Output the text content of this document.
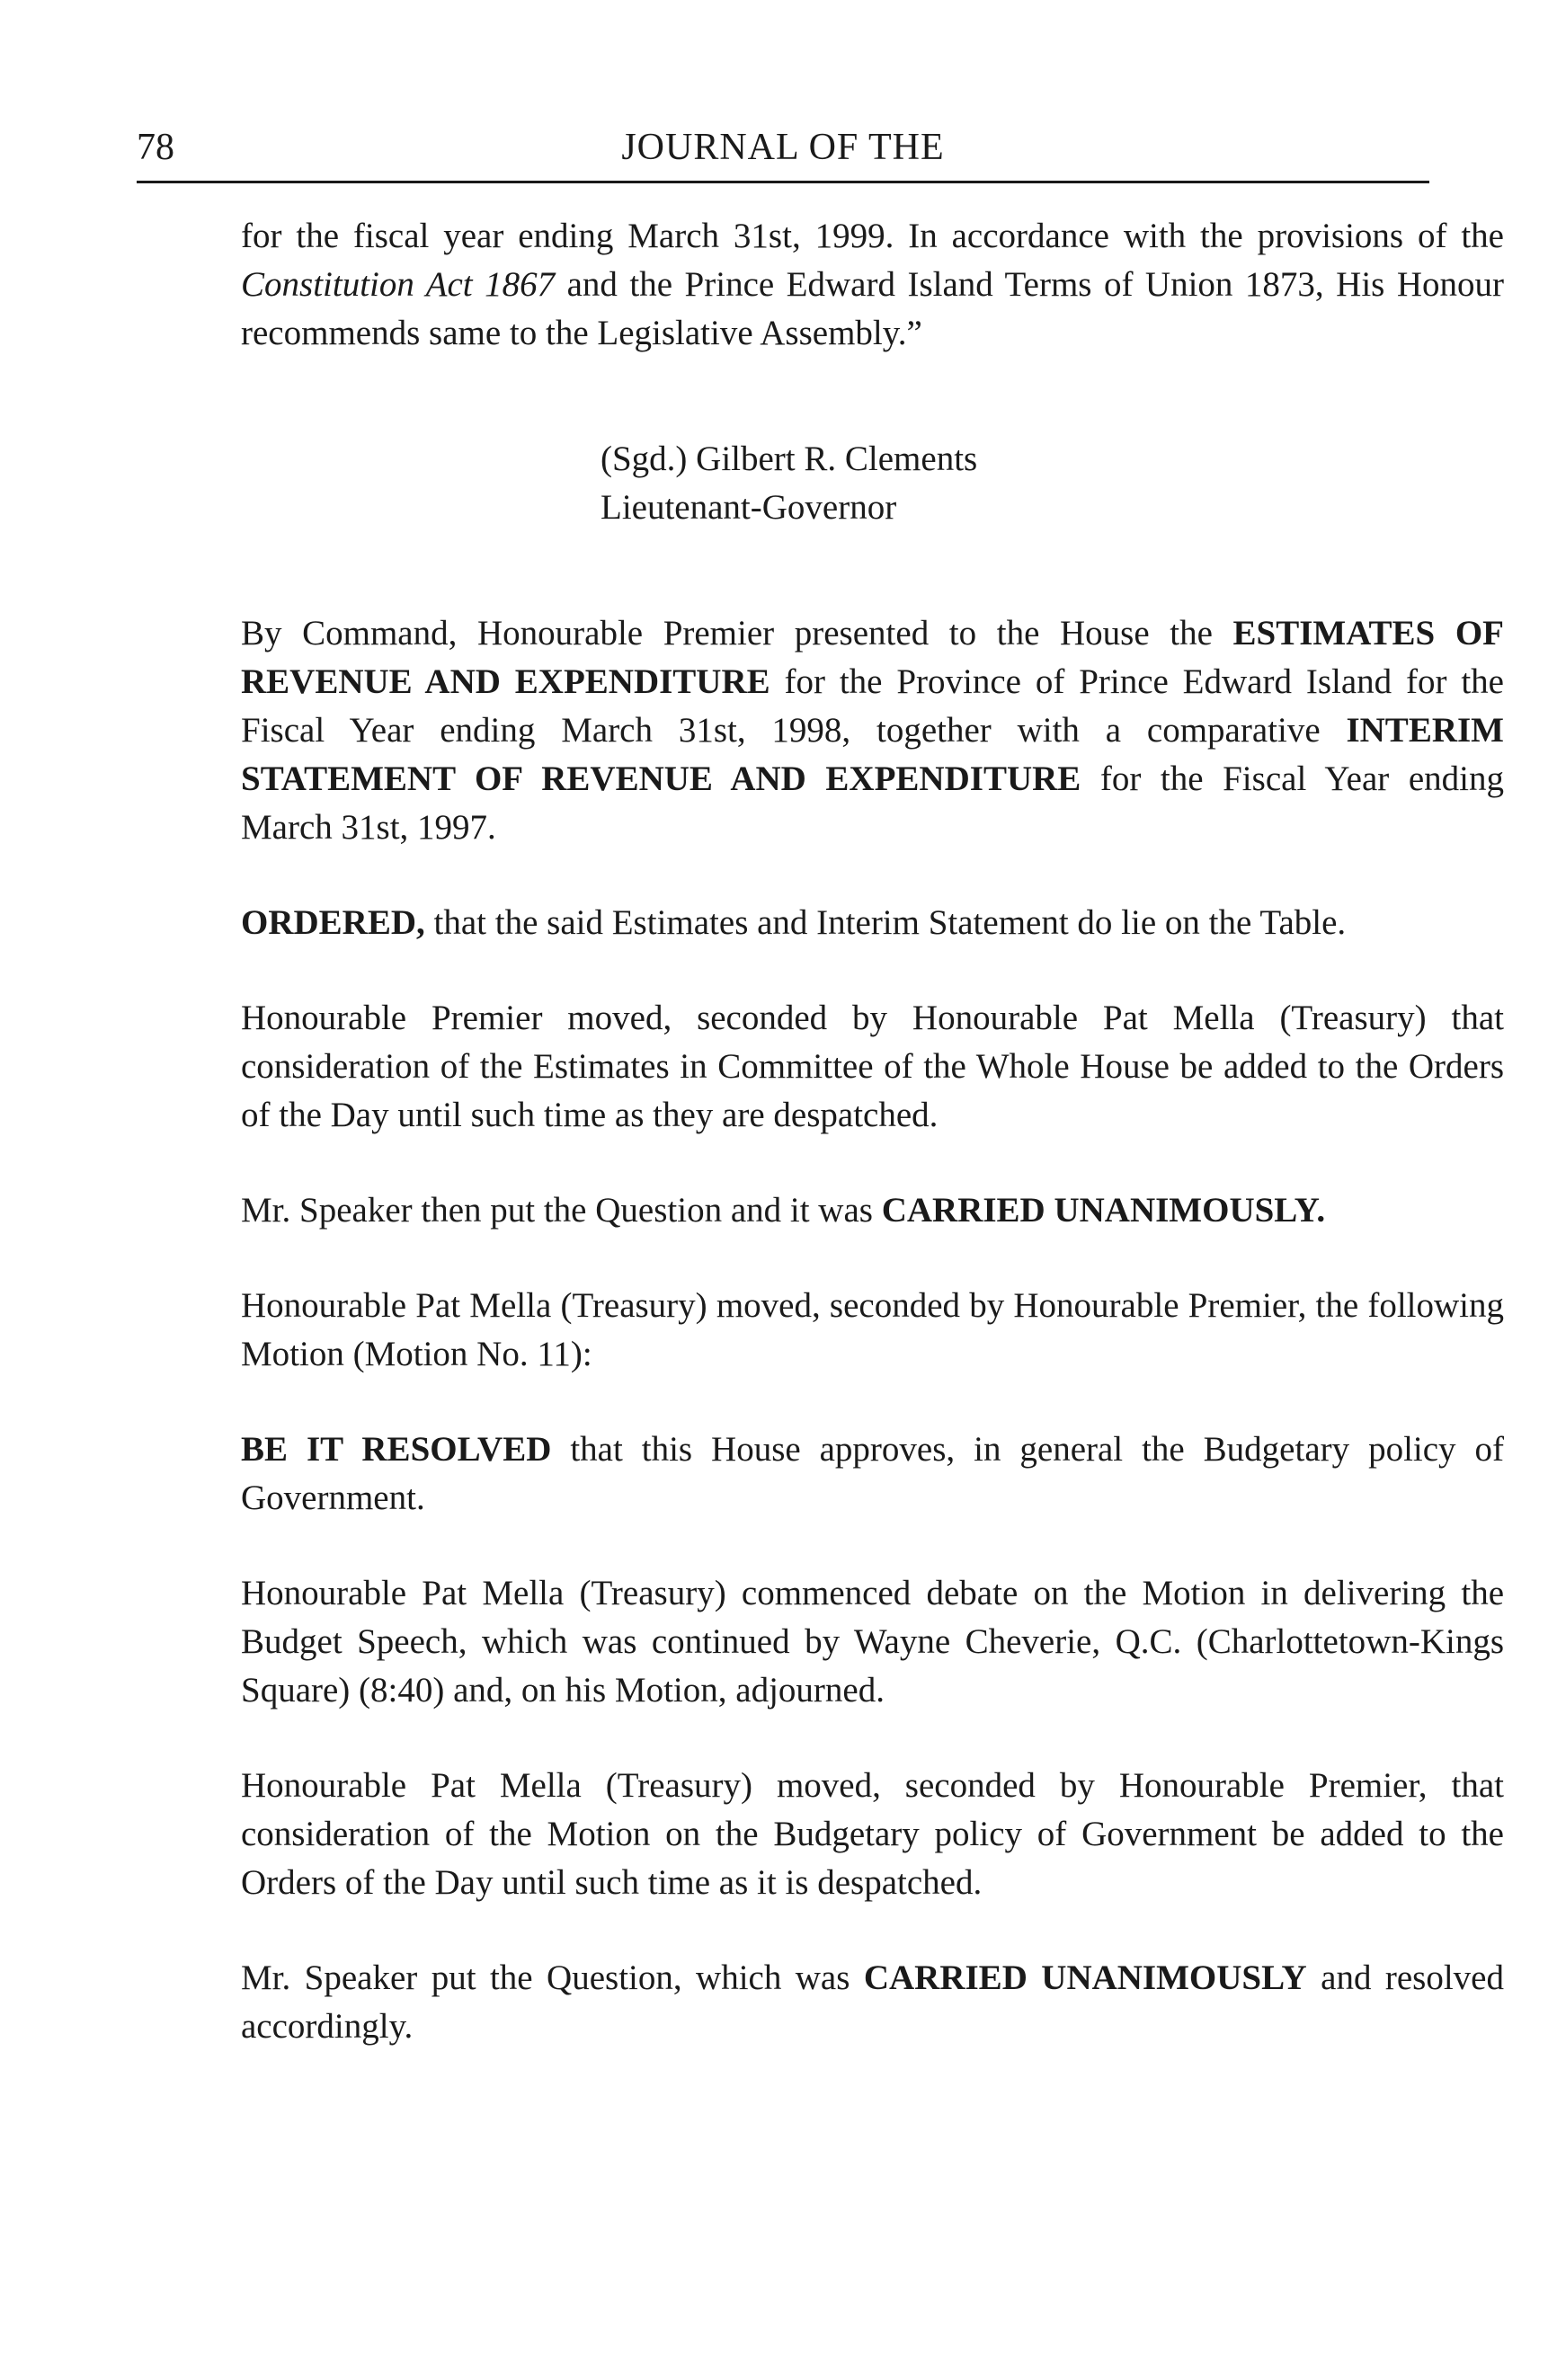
78	JOURNAL OF THE

for the fiscal year ending March 31st, 1999. In accordance with the provisions of the Constitution Act 1867 and the Prince Edward Island Terms of Union 1873, His Honour recommends same to the Legislative Assembly.”

(Sgd.) Gilbert R. Clements
Lieutenant-Governor

By Command, Honourable Premier presented to the House the ESTIMATES OF REVENUE AND EXPENDITURE for the Province of Prince Edward Island for the Fiscal Year ending March 31st, 1998, together with a comparative INTERIM STATEMENT OF REVENUE AND EXPENDITURE for the Fiscal Year ending March 31st, 1997.

ORDERED, that the said Estimates and Interim Statement do lie on the Table.

Honourable Premier moved, seconded by Honourable Pat Mella (Treasury) that consideration of the Estimates in Committee of the Whole House be added to the Orders of the Day until such time as they are despatched.

Mr. Speaker then put the Question and it was CARRIED UNANIMOUSLY.

Honourable Pat Mella (Treasury) moved, seconded by Honourable Premier, the following Motion (Motion No. 11):

BE IT RESOLVED that this House approves, in general the Budgetary policy of Government.

Honourable Pat Mella (Treasury) commenced debate on the Motion in delivering the Budget Speech, which was continued by Wayne Cheverie, Q.C. (Charlottetown-Kings Square) (8:40) and, on his Motion, adjourned.

Honourable Pat Mella (Treasury) moved, seconded by Honourable Premier, that consideration of the Motion on the Budgetary policy of Government be added to the Orders of the Day until such time as it is despatched.

Mr. Speaker put the Question, which was CARRIED UNANIMOUSLY and resolved accordingly.
